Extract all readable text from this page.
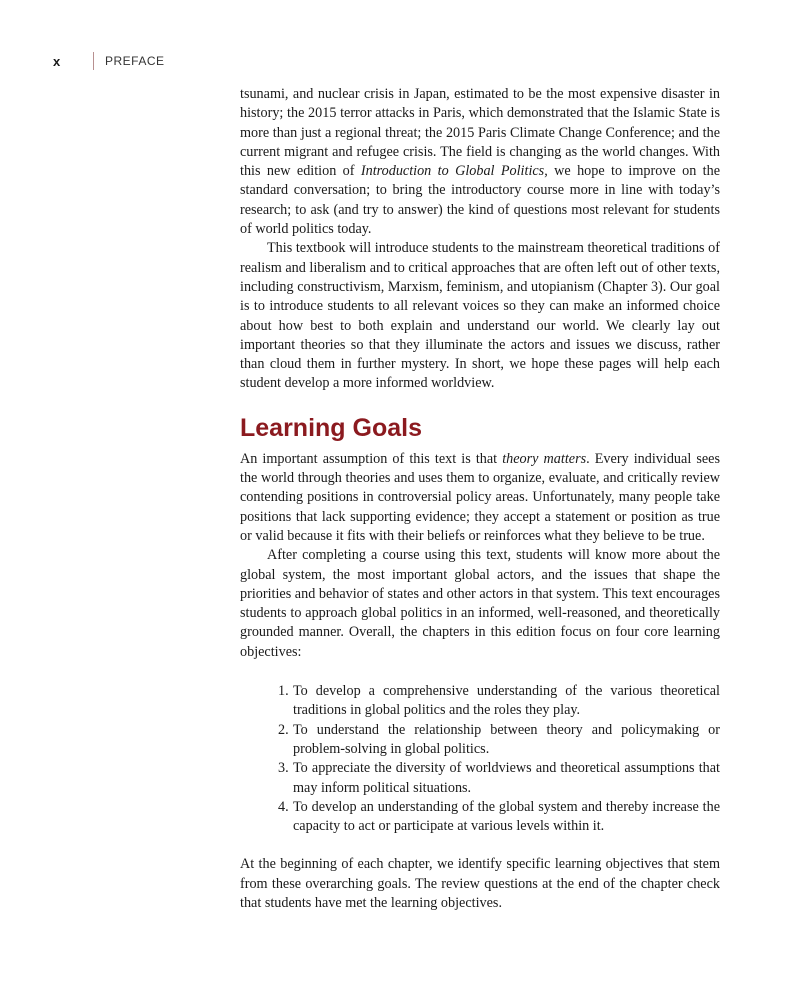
x	PREFACE

tsunami, and nuclear crisis in Japan, estimated to be the most expensive disaster in history; the 2015 terror attacks in Paris, which demonstrated that the Islamic State is more than just a regional threat; the 2015 Paris Climate Change Conference; and the current migrant and refugee crisis. The field is changing as the world changes. With this new edition of Introduction to Global Politics, we hope to improve on the standard conversation; to bring the introductory course more in line with today’s research; to ask (and try to answer) the kind of questions most relevant for students of world politics today.

This textbook will introduce students to the mainstream theoretical traditions of realism and liberalism and to critical approaches that are often left out of other texts, including constructivism, Marxism, feminism, and utopianism (Chapter 3). Our goal is to introduce students to all relevant voices so they can make an informed choice about how best to both explain and understand our world. We clearly lay out important theories so that they illuminate the actors and issues we discuss, rather than cloud them in further mystery. In short, we hope these pages will help each student develop a more informed worldview.

Learning Goals

An important assumption of this text is that theory matters. Every individual sees the world through theories and uses them to organize, evaluate, and critically review contending positions in controversial policy areas. Unfortunately, many people take positions that lack supporting evidence; they accept a statement or position as true or valid because it fits with their beliefs or reinforces what they believe to be true.

After completing a course using this text, students will know more about the global system, the most important global actors, and the issues that shape the priorities and behavior of states and other actors in that system. This text encourages students to approach global politics in an informed, well-reasoned, and theoretically grounded manner. Overall, the chapters in this edition focus on four core learning objectives:

1. To develop a comprehensive understanding of the various theoretical traditions in global politics and the roles they play.
2. To understand the relationship between theory and policymaking or problem-solving in global politics.
3. To appreciate the diversity of worldviews and theoretical assumptions that may inform political situations.
4. To develop an understanding of the global system and thereby increase the capacity to act or participate at various levels within it.

At the beginning of each chapter, we identify specific learning objectives that stem from these overarching goals. The review questions at the end of the chapter check that students have met the learning objectives.
